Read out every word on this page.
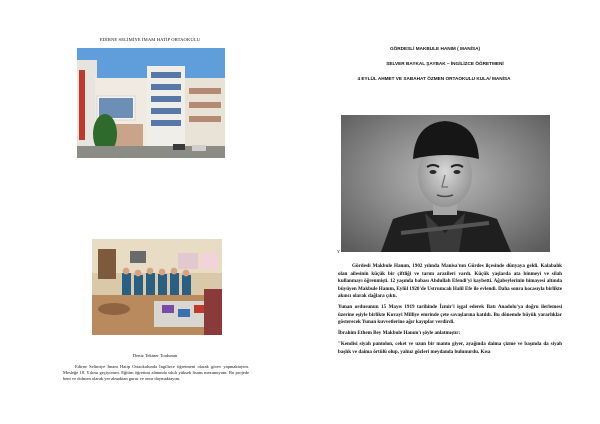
EDİRNE SELİMİYE İMAM HATİP ORTAOKULU
Deniz Tekiner Toıdunan

Edirne Selimiye İmam Hatip Ortaokulunda İngilizce öğretmeni olarak görev yapmaktayım. Mesleğe 18. Yılımı geçiyorum. Eğitim öğretimi alanında sıkılı yüksek lisans mezunuyum. Bu projede beni ve dolmen olarak yer almaktan gurur ve onur duymaktayım.

GÖRDESLİ MAKBULE HANIM ( MANİSA)
SELVER BAYKAL ŞAYBAK – İNGİLİZCE ÖĞRETMENİ
4 EYLÜL AHMET VE SABAHAT ÖZMEN ORTAOKULU KULA/ MANİSA
Y

Gördesli Makbule Hanım, 1902 yılında Manisa'nın Gördes ilçesinde dünyaya geldi. Kalabalık olan ailesinin küçük bir çiftliği ve tarım arazileri vardı. Küçük yaşlarda ata binmeyi ve silah kullanmayı öğrenmişti. 12 yaşında babası Abdullah Efendi'yi kaybetti. Ağabeylerinin himayesi altında büyüyen Makbule Hanım, Eylül 1920'de Ustrumcalı Halil Efe ile evlendi. Daha sonra kocasıyla birlikte akıncı olarak dağlara çıktı.

Yunan ordusunun 15 Mayıs 1919 tarihinde İzmir'i işgal ederek Batı Anadolu'ya doğru ilerlemesi üzerine eşiyle birlikte Kuvayi Milliye emrinde çete savaşlarına katıldı. Bu dönemde büyük yararlıklar gösterecek Yunan kuvvetlerine ağır kayıplar verdirdi.

İbrahim Ethem Bey Makbule Hanım'ı şöyle anlatmıştır:

"Kendisi siyah pantolon, ceket ve uzun bir manto giyer, ayağında daima çizme ve başında da siyah başlık ve daima örtülü olup, yalnız gözleri meydanda bulunurdu. Kısa
